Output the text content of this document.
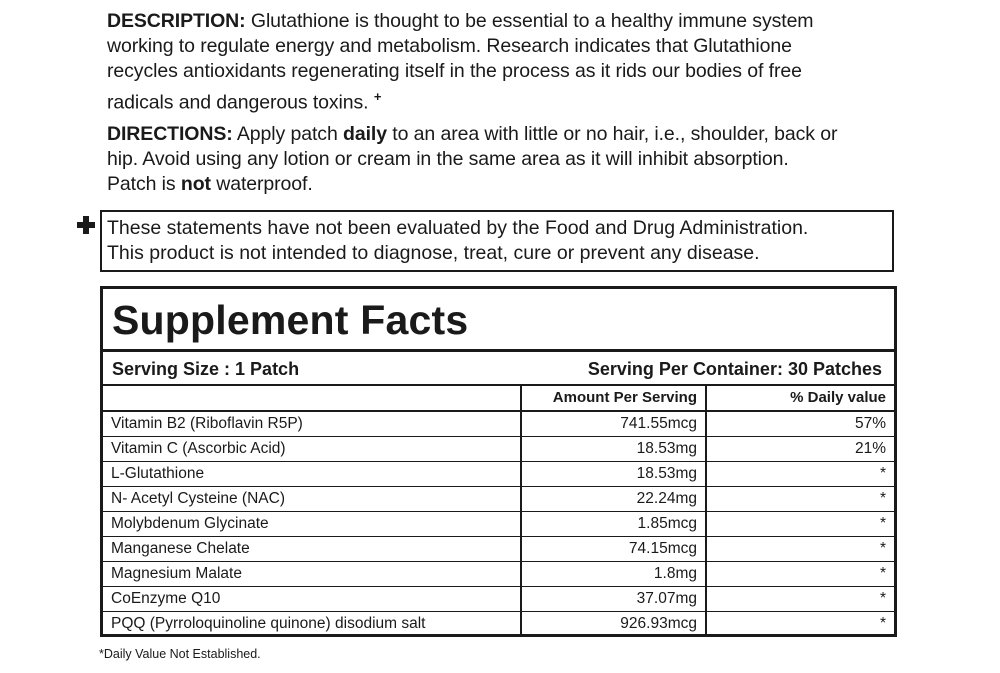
DESCRIPTION: Glutathione is thought to be essential to a healthy immune system
working to regulate energy and metabolism. Research indicates that Glutathione
recycles antioxidants regenerating itself in the process as it rids our bodies of free
radicals and dangerous toxins. +
DIRECTIONS: Apply patch daily to an area with little or no hair, i.e., shoulder, back or
hip. Avoid using any lotion or cream in the same area as it will inhibit absorption.
Patch is not waterproof.
These statements have not been evaluated by the Food and Drug Administration.
This product is not intended to diagnose, treat, cure or prevent any disease.
Supplement Facts
Serving Size : 1 Patch	Serving Per Container: 30 Patches
	Amount Per Serving	% Daily value
Vitamin B2 (Riboflavin R5P)	741.55mcg	57%
Vitamin C (Ascorbic Acid)	18.53mg	21%
L-Glutathione	18.53mg	*
N- Acetyl Cysteine (NAC)	22.24mg	*
Molybdenum Glycinate	1.85mcg	*
Manganese Chelate	74.15mcg	*
Magnesium Malate	1.8mg	*
CoEnzyme Q10	37.07mg	*
PQQ (Pyrroloquinoline quinone) disodium salt	926.93mcg	*
*Daily Value Not Established.
